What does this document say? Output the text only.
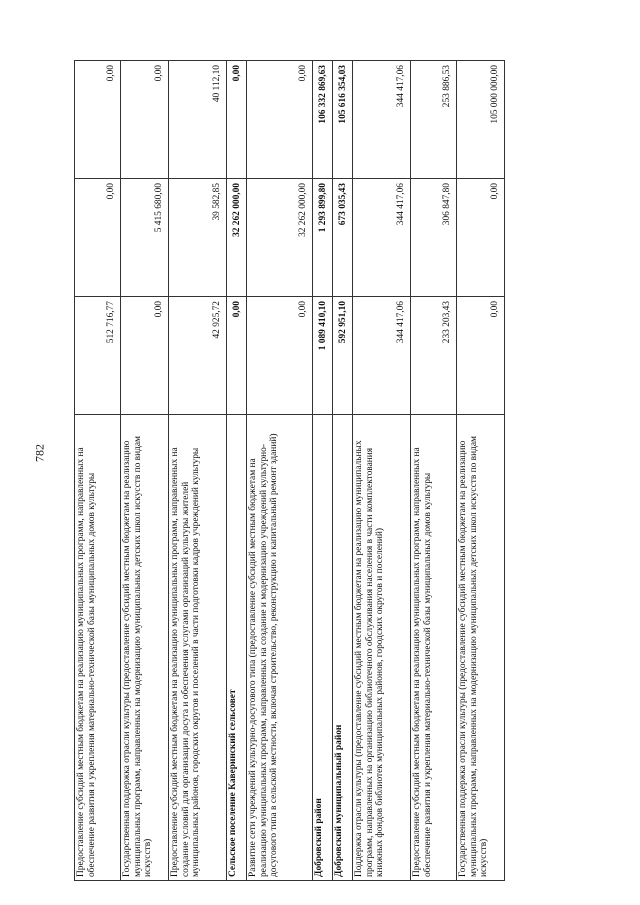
782	Предоставление субсидий местным бюджетам на реализацию муниципальных программ, направленных на обеспечение развития и укрепления материально-технической базы муниципальных домов культуры	512 716,77	0,00	0,00
Государственная поддержка отрасли культуры (предоставление субсидий местным бюджетам на реализацию муниципальных программ, направленных на модернизацию муниципальных детских школ искусств по видам искусств)	0,00	5 415 680,00	0,00
Предоставление субсидий местным бюджетам на реализацию муниципальных программ, направленных на создание условий для организации досуга и обеспечения услугами организаций культуры жителей муниципальных районов, городских округов и поселений в части подготовки кадров учреждений культуры	42 925,72	39 582,85	40 112,10
Сельское поселение Каверинский сельсовет	0,00	32 262 000,00	0,00
Развитие сети учреждений культурно-досугового типа (предоставление субсидий местным бюджетам на реализацию муниципальных программ, направленных на создание и модернизацию учреждений культурно-досугового типа в сельской местности, включая строительство, реконструкцию и капитальный ремонт зданий)	0,00	32 262 000,00	0,00
Добровский район	1 089 410,10	1 293 899,80	106 332 869,63
Добровский муниципальный район	592 951,10	673 035,43	105 616 354,03
Поддержка отрасли культуры (предоставление субсидий местным бюджетам на реализацию муниципальных программ, направленных на организацию библиотечного обслуживания населения в части комплектования книжных фондов библиотек муниципальных районов, городских округов и поселений)	344 417,06	344 417,06	344 417,06
Предоставление субсидий местным бюджетам на реализацию муниципальных программ, направленных на обеспечение развития и укрепления материально-технической базы муниципальных домов культуры	233 203,43	306 847,80	253 886,53
Государственная поддержка отрасли культуры (предоставление субсидий местным бюджетам на реализацию муниципальных программ, направленных на модернизацию муниципальных детских школ искусств по видам искусств)	0,00	0,00	105 000 000,00
